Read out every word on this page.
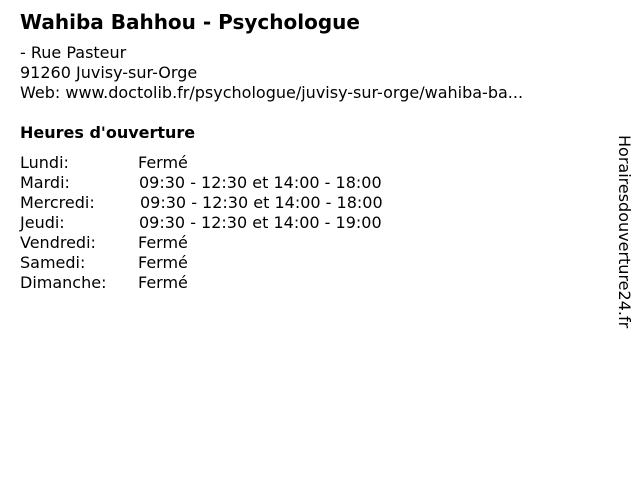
Wahiba Bahhou - Psychologue
- Rue Pasteur
91260 Juvisy-sur-Orge
Web: www.doctolib.fr/psychologue/juvisy-sur-orge/wahiba-ba...
Heures d'ouverture
Lundi:	Fermé
Mardi:	09:30 - 12:30 et 14:00 - 18:00
Mercredi:	09:30 - 12:30 et 14:00 - 18:00
Jeudi:	09:30 - 12:30 et 14:00 - 19:00
Vendredi:	Fermé
Samedi:	Fermé
Dimanche: Fermé	Horairesdouverture24.fr
